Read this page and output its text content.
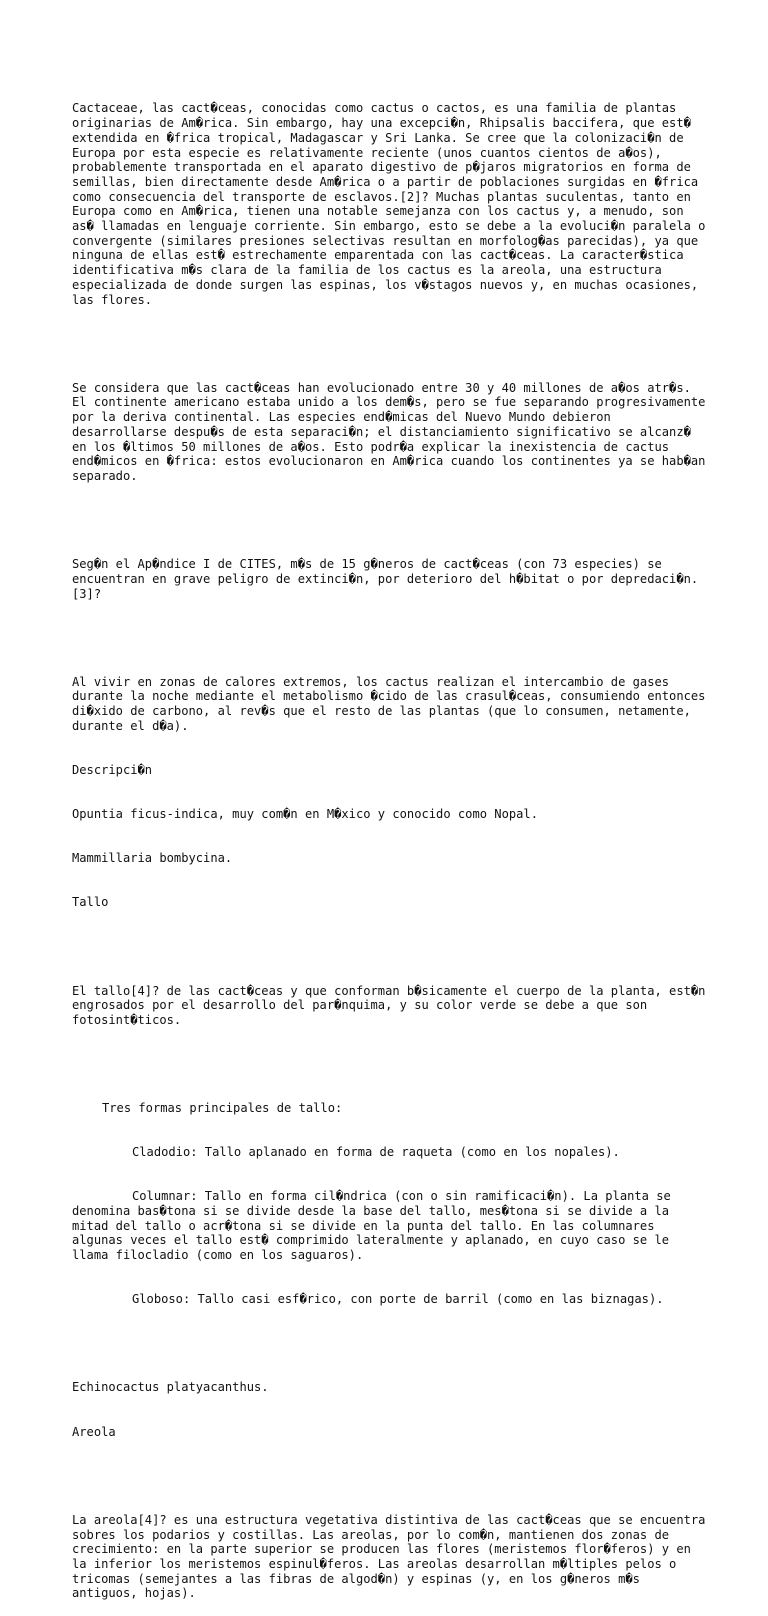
Cactaceae, las cact�ceas, conocidas como cactus o cactos, es una familia de plantas originarias de Am�rica. Sin embargo, hay una excepci�n, Rhipsalis baccifera, que est� extendida en �frica tropical, Madagascar y Sri Lanka. Se cree que la colonizaci�n de Europa por esta especie es relativamente reciente (unos cuantos cientos de a�os), probablemente transportada en el aparato digestivo de p�jaros migratorios en forma de semillas, bien directamente desde Am�rica o a partir de poblaciones surgidas en �frica como consecuencia del transporte de esclavos.[2]? Muchas plantas suculentas, tanto en Europa como en Am�rica, tienen una notable semejanza con los cactus y, a menudo, son as� llamadas en lenguaje corriente. Sin embargo, esto se debe a la evoluci�n paralela o convergente (similares presiones selectivas resultan en morfolog�as parecidas), ya que ninguna de ellas est� estrechamente emparentada con las cact�ceas. La caracter�stica identificativa m�s clara de la familia de los cactus es la areola, una estructura especializada de donde surgen las espinas, los v�stagos nuevos y, en muchas ocasiones, las flores.

Se considera que las cact�ceas han evolucionado entre 30 y 40 millones de a�os atr�s. El continente americano estaba unido a los dem�s, pero se fue separando progresivamente por la deriva continental. Las especies end�micas del Nuevo Mundo debieron desarrollarse despu�s de esta separaci�n; el distanciamiento significativo se alcanz� en los �ltimos 50 millones de a�os. Esto podr�a explicar la inexistencia de cactus end�micos en �frica: estos evolucionaron en Am�rica cuando los continentes ya se hab�an separado.

Seg�n el Ap�ndice I de CITES, m�s de 15 g�neros de cact�ceas (con 73 especies) se encuentran en grave peligro de extinci�n, por deterioro del h�bitat o por depredaci�n.[3]?

Al vivir en zonas de calores extremos, los cactus realizan el intercambio de gases durante la noche mediante el metabolismo �cido de las crasul�ceas, consumiendo entonces di�xido de carbono, al rev�s que el resto de las plantas (que lo consumen, netamente, durante el d�a).

Descripci�n

Opuntia ficus-indica, muy com�n en M�xico y conocido como Nopal.

Mammillaria bombycina.

Tallo

El tallo[4]? de las cact�ceas y que conforman b�sicamente el cuerpo de la planta, est�n engrosados por el desarrollo del par�nquima, y su color verde se debe a que son fotosint�ticos.

Tres formas principales de tallo:

Cladodio: Tallo aplanado en forma de raqueta (como en los nopales).

Columnar: Tallo en forma cil�ndrica (con o sin ramificaci�n). La planta se denomina bas�tona si se divide desde la base del tallo, mes�tona si se divide a la mitad del tallo o acr�tona si se divide en la punta del tallo. En las columnares algunas veces el tallo est� comprimido lateralmente y aplanado, en cuyo caso se le llama filocladio (como en los saguaros).

Globoso: Tallo casi esf�rico, con porte de barril (como en las biznagas).

Echinocactus platyacanthus.

Areola

La areola[4]? es una estructura vegetativa distintiva de las cact�ceas que se encuentra sobres los podarios y costillas. Las areolas, por lo com�n, mantienen dos zonas de crecimiento: en la parte superior se producen las flores (meristemos flor�feros) y en la inferior los meristemos espinul�feros. Las areolas desarrollan m�ltiples pelos o tricomas (semejantes a las fibras de algod�n) y espinas (y, en los g�neros m�s antiguos, hojas).
